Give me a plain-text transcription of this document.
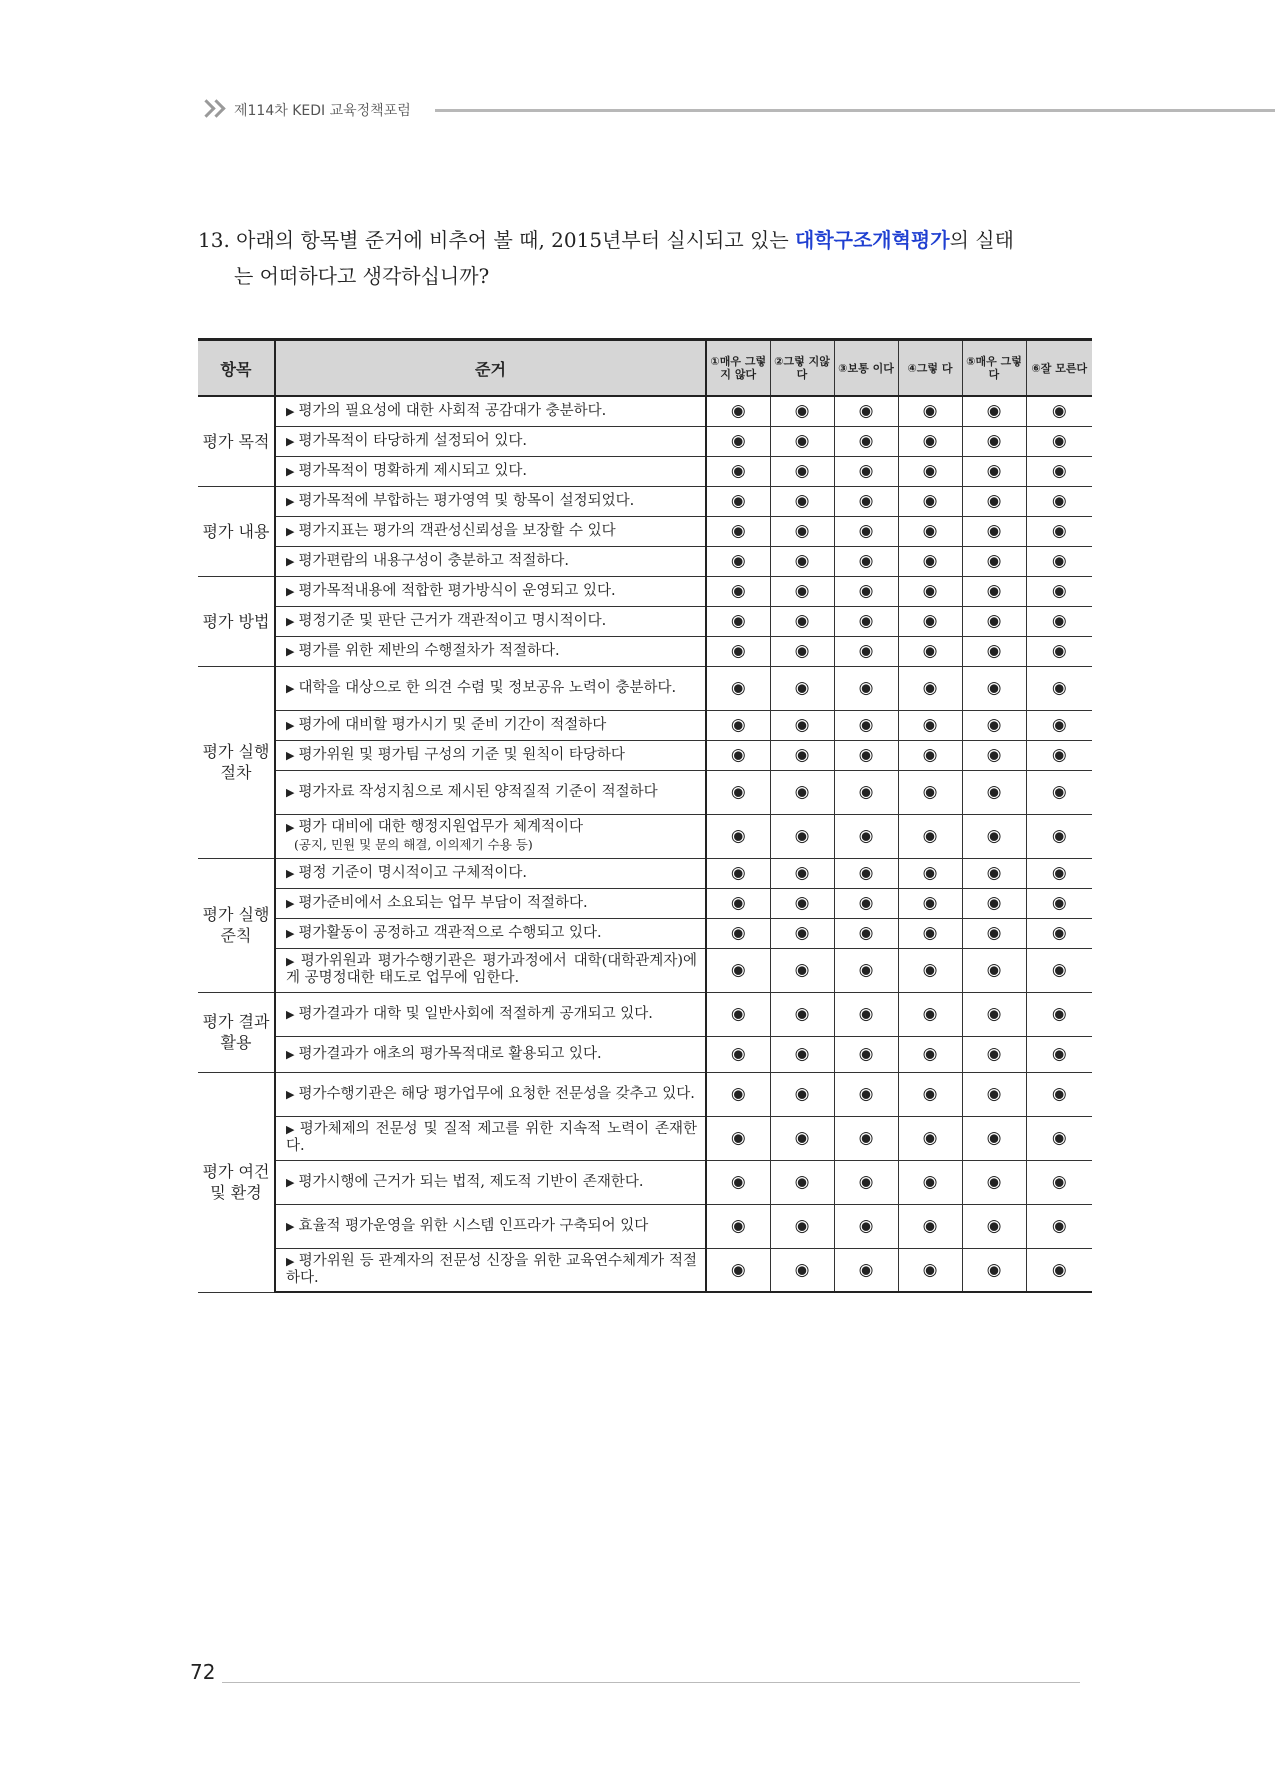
제114차 KEDI 교육정책포럼
13. 아래의 항목별 준거에 비추어 볼 때, 2015년부터 실시되고 있는 대학구조개혁평가의 실태
는 어떠하다고 생각하십니까?
항목	준거	①매우 그렇지 않다	②그렇 지않다	③보통 이다	④그렇 다	⑤매우 그렇다	⑥잘 모른다
평가 목적	▶ 평가의 필요성에 대한 사회적 공감대가 충분하다.	◉	◉	◉	◉	◉	◉
	▶ 평가목적이 타당하게 설정되어 있다.	◉	◉	◉	◉	◉	◉
	▶ 평가목적이 명확하게 제시되고 있다.	◉	◉	◉	◉	◉	◉
평가 내용	▶ 평가목적에 부합하는 평가영역 및 항목이 설정되었다.	◉	◉	◉	◉	◉	◉
	▶ 평가지표는 평가의 객관성신뢰성을 보장할 수 있다	◉	◉	◉	◉	◉	◉
	▶ 평가편람의 내용구성이 충분하고 적절하다.	◉	◉	◉	◉	◉	◉
평가 방법	▶ 평가목적내용에 적합한 평가방식이 운영되고 있다.	◉	◉	◉	◉	◉	◉
	▶ 평정기준 및 판단 근거가 객관적이고 명시적이다.	◉	◉	◉	◉	◉	◉
	▶ 평가를 위한 제반의 수행절차가 적절하다.	◉	◉	◉	◉	◉	◉
평가 실행 절차	▶ 대학을 대상으로 한 의견 수렴 및 정보공유 노력이 충분하다.	◉	◉	◉	◉	◉	◉
	▶ 평가에 대비할 평가시기 및 준비 기간이 적절하다	◉	◉	◉	◉	◉	◉
	▶ 평가위원 및 평가팀 구성의 기준 및 원칙이 타당하다	◉	◉	◉	◉	◉	◉
	▶ 평가자료 작성지침으로 제시된 양적질적 기준이 적절하다	◉	◉	◉	◉	◉	◉
	▶ 평가 대비에 대한 행정지원업무가 체계적이다
(공지, 민원 및 문의 해결, 이의제기 수용 등)	◉	◉	◉	◉	◉	◉
평가 실행 준칙	▶ 평정 기준이 명시적이고 구체적이다.	◉	◉	◉	◉	◉	◉
	▶ 평가준비에서 소요되는 업무 부담이 적절하다.	◉	◉	◉	◉	◉	◉
	▶ 평가활동이 공정하고 객관적으로 수행되고 있다.	◉	◉	◉	◉	◉	◉
	▶ 평가위원과 평가수행기관은 평가과정에서 대학(대학관계자)에게 공명정대한 태도로 업무에 임한다.	◉	◉	◉	◉	◉	◉
평가 결과 활용	▶ 평가결과가 대학 및 일반사회에 적절하게 공개되고 있다.	◉	◉	◉	◉	◉	◉
	▶ 평가결과가 애초의 평가목적대로 활용되고 있다.	◉	◉	◉	◉	◉	◉
평가 여건 및 환경	▶ 평가수행기관은 해당 평가업무에 요청한 전문성을 갖추고 있다.	◉	◉	◉	◉	◉	◉
	▶ 평가체제의 전문성 및 질적 제고를 위한 지속적 노력이 존재한다.	◉	◉	◉	◉	◉	◉
	▶ 평가시행에 근거가 되는 법적, 제도적 기반이 존재한다.	◉	◉	◉	◉	◉	◉
	▶ 효율적 평가운영을 위한 시스템 인프라가 구축되어 있다	◉	◉	◉	◉	◉	◉
	▶ 평가위원 등 관계자의 전문성 신장을 위한 교육연수체계가 적절하다.	◉	◉	◉	◉	◉	◉
72
